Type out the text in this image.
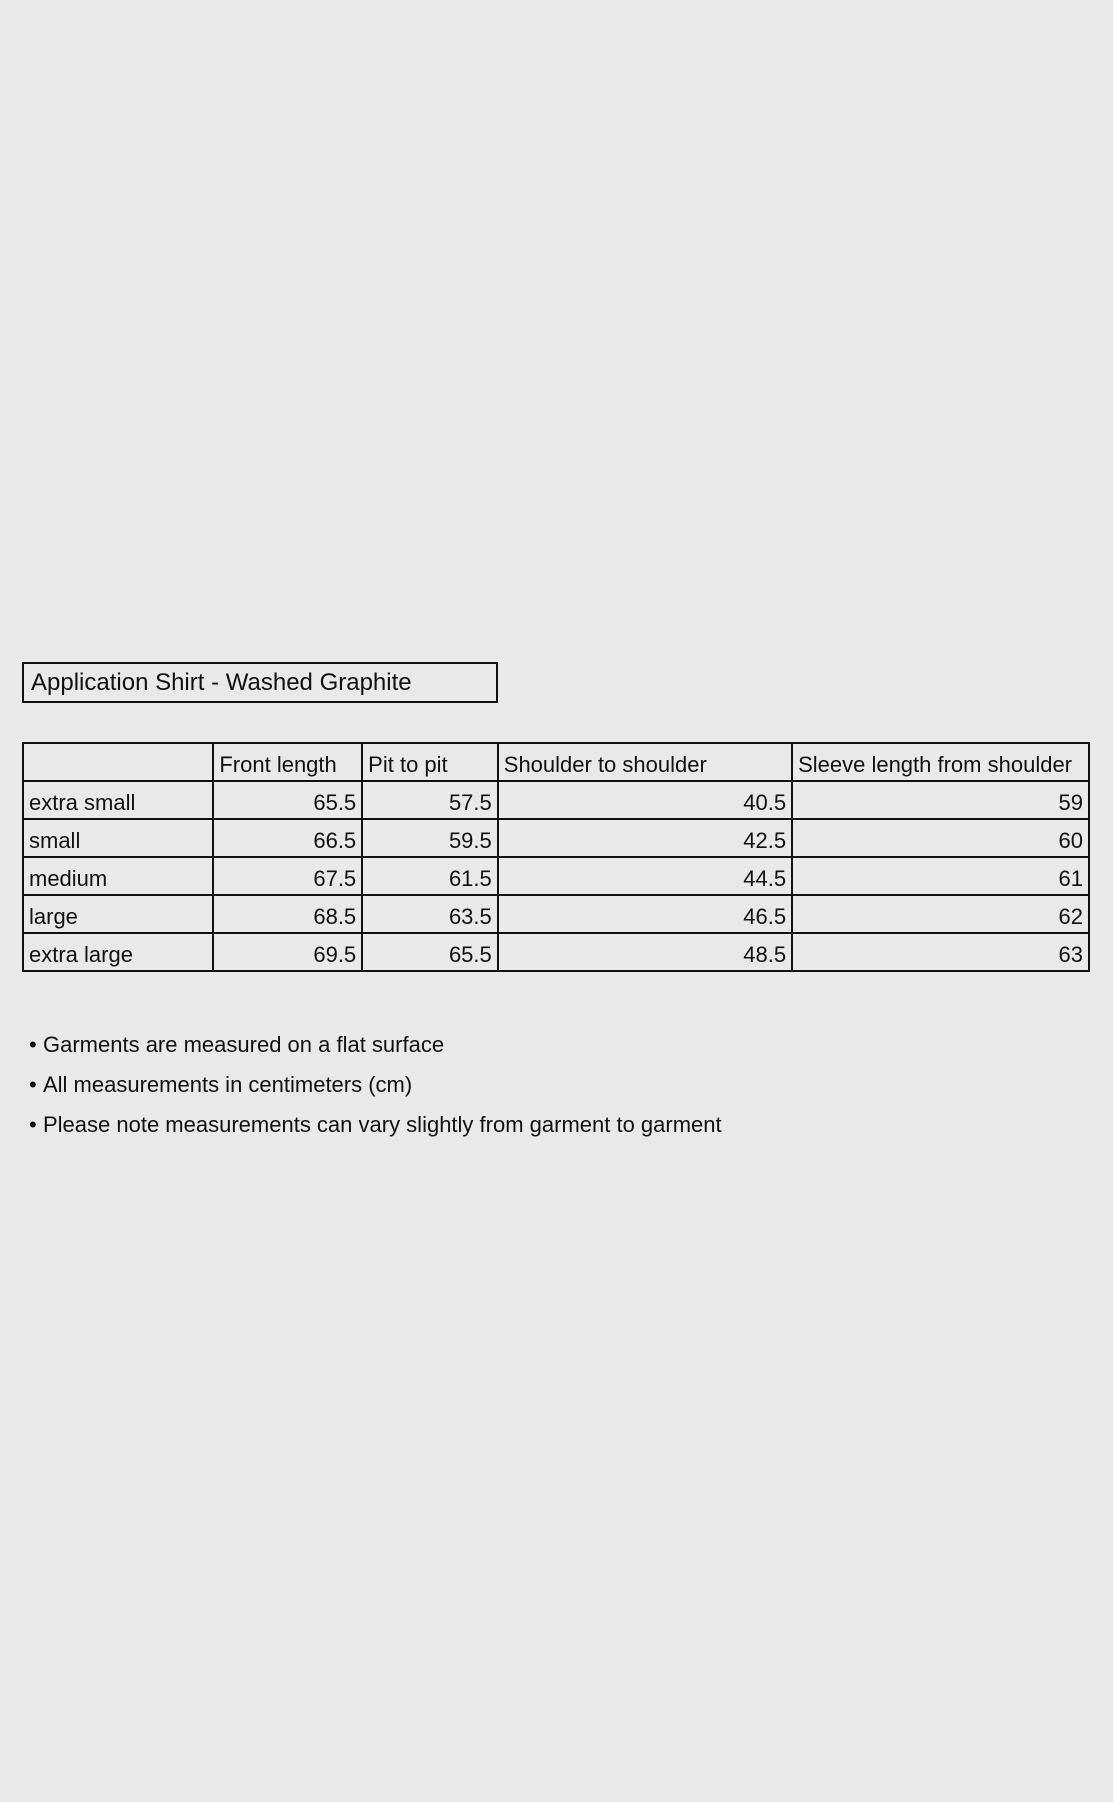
Application Shirt - Washed Graphite
	Front length	Pit to pit	Shoulder to shoulder	Sleeve length from shoulder
extra small	65.5	57.5	40.5	59
small	66.5	59.5	42.5	60
medium	67.5	61.5	44.5	61
large	68.5	63.5	46.5	62
extra large	69.5	65.5	48.5	63
• Garments are measured on a flat surface
• All measurements in centimeters (cm)
• Please note measurements can vary slightly from garment to garment
